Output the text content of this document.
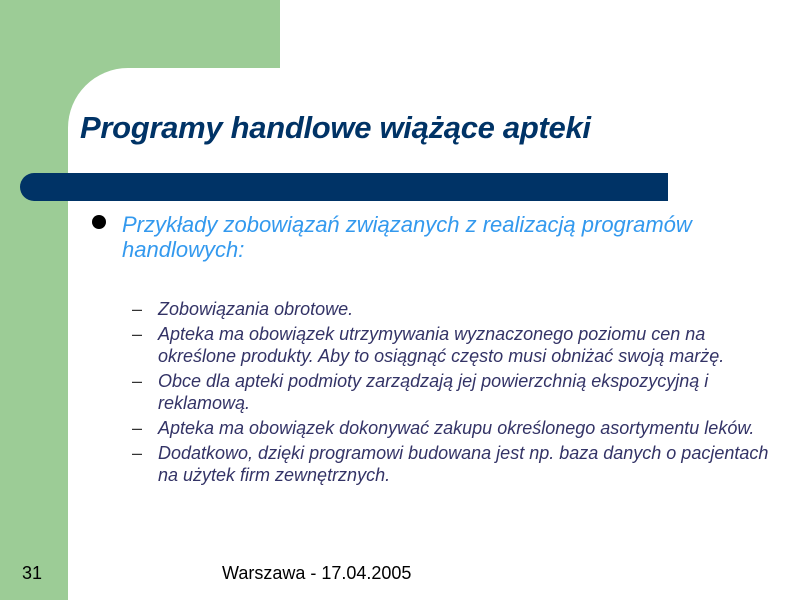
Programy handlowe wiążące apteki
Przykłady zobowiązań związanych z realizacją programów handlowych:
– Zobowiązania obrotowe.
– Apteka ma obowiązek utrzymywania wyznaczonego poziomu cen na określone produkty. Aby to osiągnąć często musi obniżać swoją marżę.
– Obce dla apteki podmioty zarządzają jej powierzchnią ekspozycyjną i reklamową.
– Apteka ma obowiązek dokonywać zakupu określonego asortymentu leków.
– Dodatkowo, dzięki programowi budowana jest np. baza danych o pacjentach na użytek firm zewnętrznych.
31	Warszawa - 17.04.2005
